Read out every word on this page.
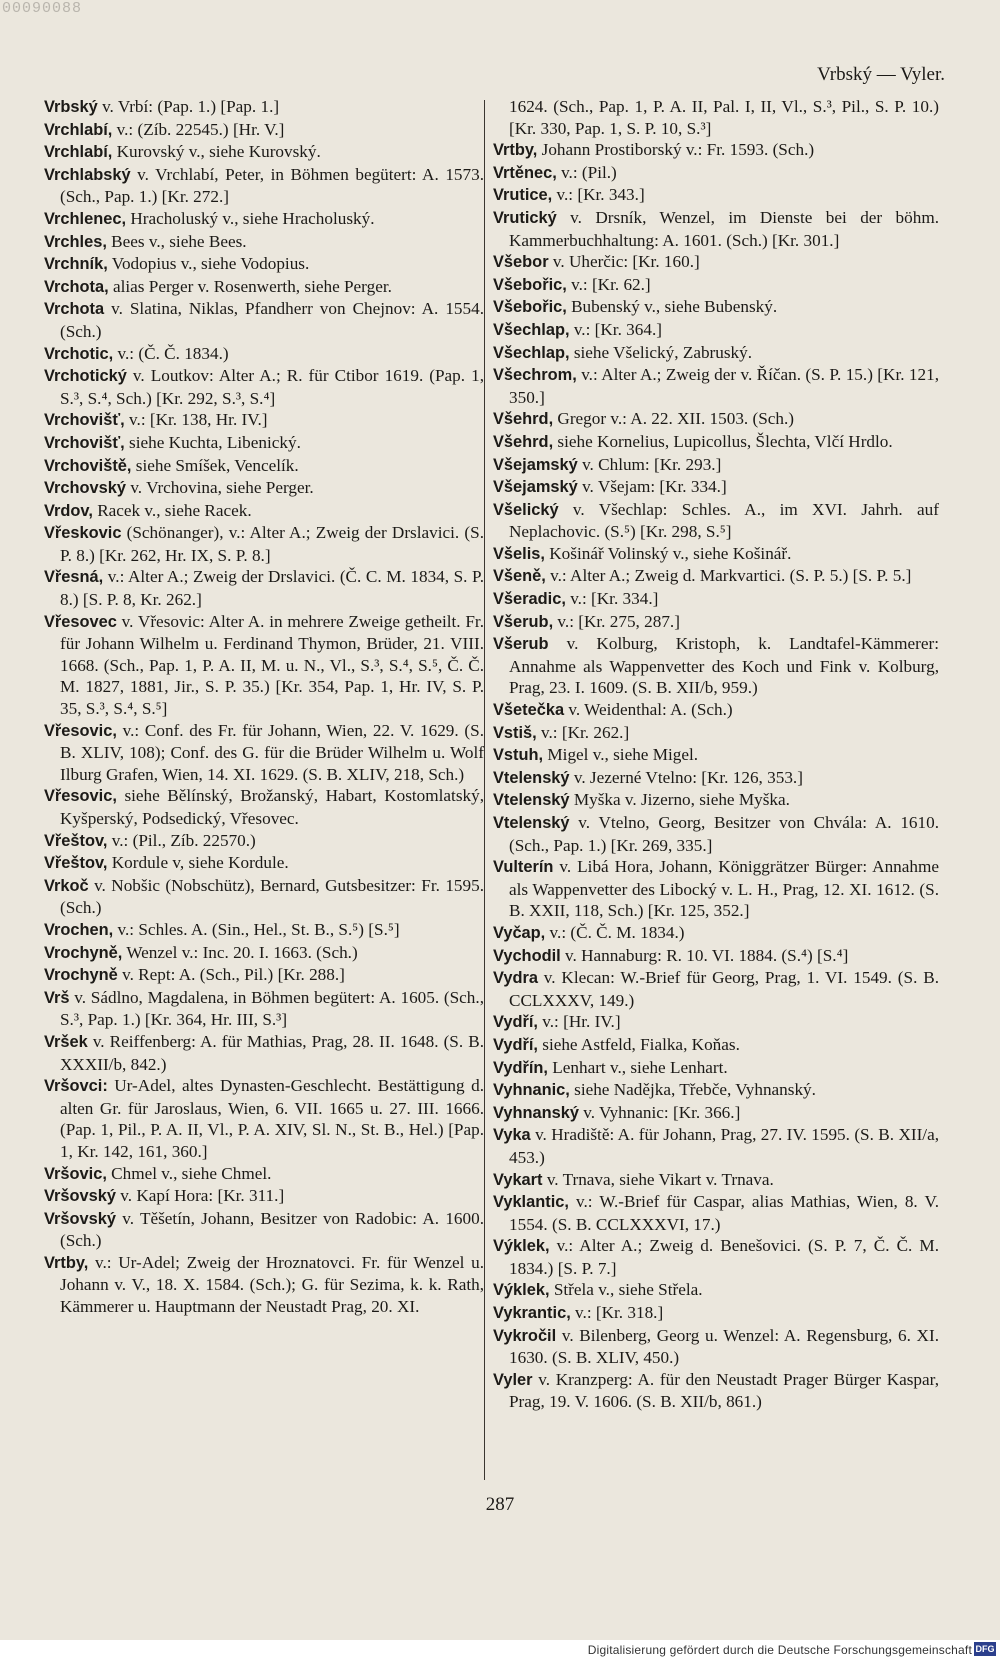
00090088
Vrbský — Vyler.

Vrbský v. Vrbí: (Pap. 1.) [Pap. 1.]

Vrchlabí, v.: (Zíb. 22545.) [Hr. V.]

Vrchlabí, Kurovský v., siehe Kurovský.

Vrchlabský v. Vrchlabí, Peter, in Böhmen begütert: A. 1573. (Sch., Pap. 1.) [Kr. 272.]

Vrchlenec, Hracholuský v., siehe Hracholuský.

Vrchles, Bees v., siehe Bees.

Vrchník, Vodopius v., siehe Vodopius.

Vrchota, alias Perger v. Rosenwerth, siehe Perger.

Vrchota v. Slatina, Niklas, Pfandherr von Chejnov: A. 1554. (Sch.)

Vrchotic, v.: (Č. Č. 1834.)

Vrchotický v. Loutkov: Alter A.; R. für Ctibor 1619. (Pap. 1, S.³, S.⁴, Sch.) [Kr. 292, S.³, S.⁴]

Vrchovišť, v.: [Kr. 138, Hr. IV.]

Vrchovišť, siehe Kuchta, Libenický.

Vrchoviště, siehe Smíšek, Vencelík.

Vrchovský v. Vrchovina, siehe Perger.

Vrdov, Racek v., siehe Racek.

Vřeskovic (Schönanger), v.: Alter A.; Zweig der Drslavici. (S. P. 8.) [Kr. 262, Hr. IX, S. P. 8.]

Vřesná, v.: Alter A.; Zweig der Drslavici. (Č. C. M. 1834, S. P. 8.) [S. P. 8, Kr. 262.]

Vřesovec v. Vřesovic: Alter A. in mehrere Zweige getheilt. Fr. für Johann Wilhelm u. Ferdinand Thymon, Brüder, 21. VIII. 1668. (Sch., Pap. 1, P. A. II, M. u. N., Vl., S.³, S.⁴, S.⁵, Č. Č. M. 1827, 1881, Jir., S. P. 35.) [Kr. 354, Pap. 1, Hr. IV, S. P. 35, S.³, S.⁴, S.⁵]

Vřesovic, v.: Conf. des Fr. für Johann, Wien, 22. V. 1629. (S. B. XLIV, 108); Conf. des G. für die Brüder Wilhelm u. Wolf Ilburg Grafen, Wien, 14. XI. 1629. (S. B. XLIV, 218, Sch.)

Vřesovic, siehe Bělínský, Brožanský, Habart, Kostomlatský, Kyšperský, Podsedický, Vřesovec.

Vřeštov, v.: (Pil., Zíb. 22570.)

Vřeštov, Kordule v, siehe Kordule.

Vrkoč v. Nobšic (Nobschütz), Bernard, Gutsbesitzer: Fr. 1595. (Sch.)

Vrochen, v.: Schles. A. (Sin., Hel., St. B., S.⁵) [S.⁵]

Vrochyně, Wenzel v.: Inc. 20. I. 1663. (Sch.)

Vrochyně v. Rept: A. (Sch., Pil.) [Kr. 288.]

Vrš v. Sádlno, Magdalena, in Böhmen begütert: A. 1605. (Sch., S.³, Pap. 1.) [Kr. 364, Hr. III, S.³]

Vršek v. Reiffenberg: A. für Mathias, Prag, 28. II. 1648. (S. B. XXXII/b, 842.)

Vršovci: Ur-Adel, altes Dynasten-Geschlecht. Bestättigung d. alten Gr. für Jaroslaus, Wien, 6. VII. 1665 u. 27. III. 1666. (Pap. 1, Pil., P. A. II, Vl., P. A. XIV, Sl. N., St. B., Hel.) [Pap. 1, Kr. 142, 161, 360.]

Vršovic, Chmel v., siehe Chmel.

Vršovský v. Kapí Hora: [Kr. 311.]

Vršovský v. Těšetín, Johann, Besitzer von Radobic: A. 1600. (Sch.)

Vrtby, v.: Ur-Adel; Zweig der Hroznatovci. Fr. für Wenzel u. Johann v. V., 18. X. 1584. (Sch.); G. für Sezima, k. k. Rath, Kämmerer u. Hauptmann der Neustadt Prag, 20. XI.

1624. (Sch., Pap. 1, P. A. II, Pal. I, II, Vl., S.³, Pil., S. P. 10.) [Kr. 330, Pap. 1, S. P. 10, S.³]

Vrtby, Johann Prostiborský v.: Fr. 1593. (Sch.)

Vrtěnec, v.: (Pil.)

Vrutice, v.: [Kr. 343.]

Vrutický v. Drsník, Wenzel, im Dienste bei der böhm. Kammerbuchhaltung: A. 1601. (Sch.) [Kr. 301.]

Všebor v. Uherčic: [Kr. 160.]

Všebořic, v.: [Kr. 62.]

Všebořic, Bubenský v., siehe Bubenský.

Všechlap, v.: [Kr. 364.]

Všechlap, siehe Všelický, Zabruský.

Všechrom, v.: Alter A.; Zweig der v. Říčan. (S. P. 15.) [Kr. 121, 350.]

Všehrd, Gregor v.: A. 22. XII. 1503. (Sch.)

Všehrd, siehe Kornelius, Lupicollus, Šlechta, Vlčí Hrdlo.

Všejamský v. Chlum: [Kr. 293.]

Všejamský v. Všejam: [Kr. 334.]

Všelický v. Všechlap: Schles. A., im XVI. Jahrh. auf Neplachovic. (S.⁵) [Kr. 298, S.⁵]

Všelis, Košinář Volinský v., siehe Košinář.

Všeně, v.: Alter A.; Zweig d. Markvartici. (S. P. 5.) [S. P. 5.]

Všeradic, v.: [Kr. 334.]

Všerub, v.: [Kr. 275, 287.]

Všerub v. Kolburg, Kristoph, k. Landtafel-Kämmerer: Annahme als Wappenvetter des Koch und Fink v. Kolburg, Prag, 23. I. 1609. (S. B. XII/b, 959.)

Všetečka v. Weidenthal: A. (Sch.)

Vstiš, v.: [Kr. 262.]

Vstuh, Migel v., siehe Migel.

Vtelenský v. Jezerné Vtelno: [Kr. 126, 353.]

Vtelenský Myška v. Jizerno, siehe Myška.

Vtelenský v. Vtelno, Georg, Besitzer von Chvála: A. 1610. (Sch., Pap. 1.) [Kr. 269, 335.]

Vulterín v. Libá Hora, Johann, Königgrätzer Bürger: Annahme als Wappenvetter des Libocký v. L. H., Prag, 12. XI. 1612. (S. B. XXII, 118, Sch.) [Kr. 125, 352.]

Vyčap, v.: (Č. Č. M. 1834.)

Vychodil v. Hannaburg: R. 10. VI. 1884. (S.⁴) [S.⁴]

Vydra v. Klecan: W.-Brief für Georg, Prag, 1. VI. 1549. (S. B. CCLXXXV, 149.)

Vydří, v.: [Hr. IV.]

Vydří, siehe Astfeld, Fialka, Koňas.

Vydřín, Lenhart v., siehe Lenhart.

Vyhnanic, siehe Nadějka, Třebče, Vyhnanský.

Vyhnanský v. Vyhnanic: [Kr. 366.]

Vyka v. Hradiště: A. für Johann, Prag, 27. IV. 1595. (S. B. XII/a, 453.)

Vykart v. Trnava, siehe Vikart v. Trnava.

Vyklantic, v.: W.-Brief für Caspar, alias Mathias, Wien, 8. V. 1554. (S. B. CCLXXXVI, 17.)

Výklek, v.: Alter A.; Zweig d. Benešovici. (S. P. 7, Č. Č. M. 1834.) [S. P. 7.]

Výklek, Střela v., siehe Střela.

Vykrantic, v.: [Kr. 318.]

Vykročil v. Bilenberg, Georg u. Wenzel: A. Regensburg, 6. XI. 1630. (S. B. XLIV, 450.)

Vyler v. Kranzperg: A. für den Neustadt Prager Bürger Kaspar, Prag, 19. V. 1606. (S. B. XII/b, 861.)

287
Digitalisierung gefördert durch die Deutsche Forschungsgemeinschaft DFG
